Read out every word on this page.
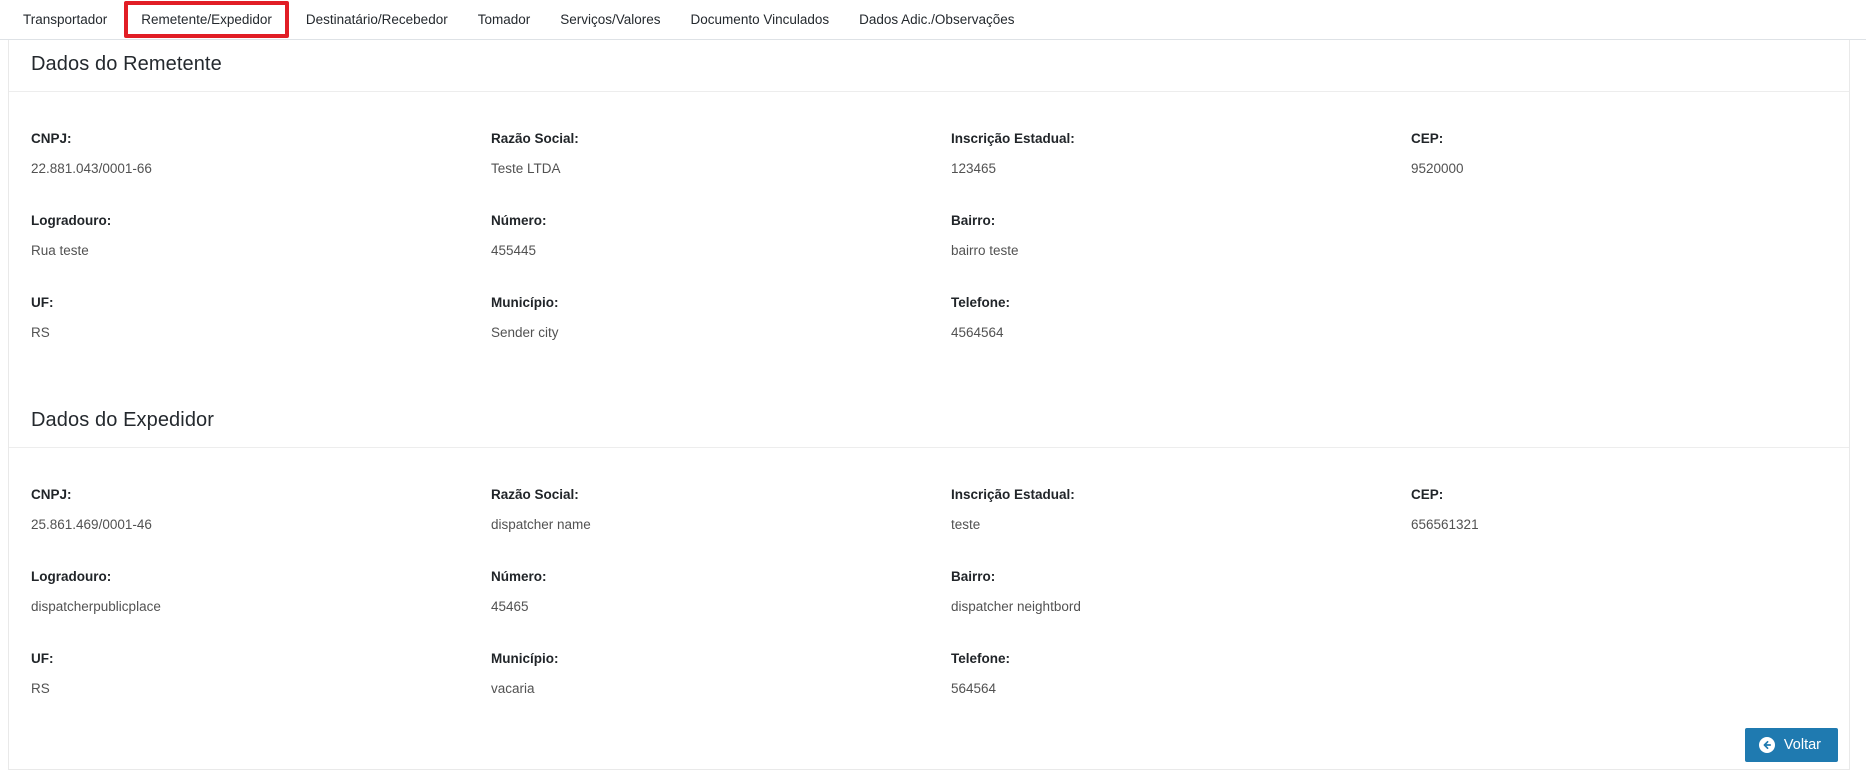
Transportador	Remetente/Expedidor	Destinatário/Recebedor	Tomador	Serviços/Valores	Documento Vinculados	Dados Adic./Observações
Dados do Remetente
CNPJ:
22.881.043/0001-66
Razão Social:
Teste LTDA
Inscrição Estadual:
123465
CEP:
9520000
Logradouro:
Rua teste
Número:
455445
Bairro:
bairro teste
UF:
RS
Município:
Sender city
Telefone:
4564564
Dados do Expedidor
CNPJ:
25.861.469/0001-46
Razão Social:
dispatcher name
Inscrição Estadual:
teste
CEP:
656561321
Logradouro:
dispatcherpublicplace
Número:
45465
Bairro:
dispatcher neightbord
UF:
RS
Município:
vacaria
Telefone:
564564
Voltar
